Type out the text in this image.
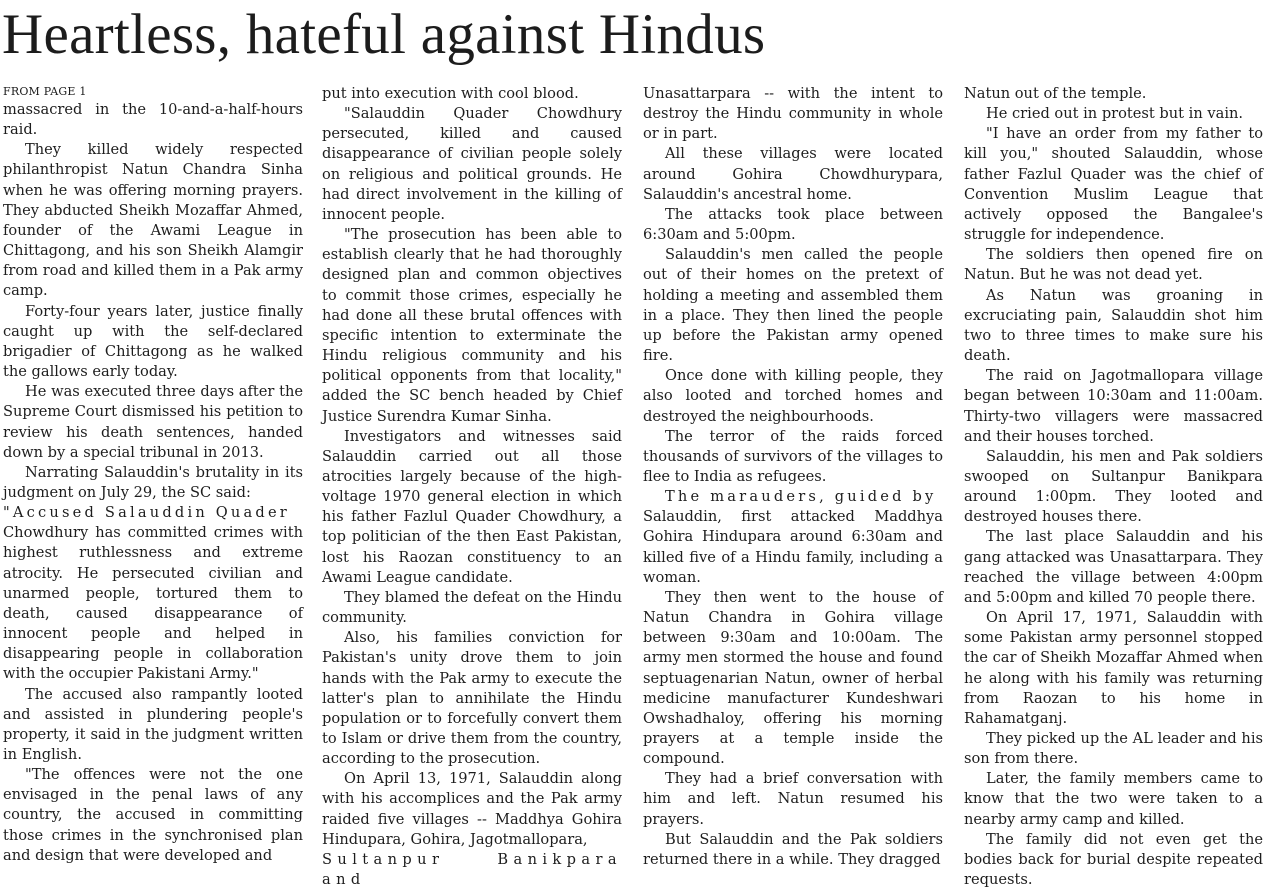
Heartless, hateful against Hindus
FROM PAGE 1

massacred in the 10-and-a-half-hours raid.

They killed widely respected philanthropist Natun Chandra Sinha when he was offering morning prayers. They abducted Sheikh Mozaffar Ahmed, founder of the Awami League in Chittagong, and his son Sheikh Alamgir from road and killed them in a Pak army camp.

Forty-four years later, justice finally caught up with the self-declared brigadier of Chittagong as he walked the gallows early today.

He was executed three days after the Supreme Court dismissed his petition to review his death sentences, handed down by a special tribunal in 2013.

Narrating Salauddin's brutality in its judgment on July 29, the SC said:

"Accused Salauddin Quader

Chowdhury has committed crimes with highest ruthlessness and extreme atrocity. He persecuted civilian and unarmed people, tortured them to death, caused disappearance of innocent people and helped in disappearing people in collaboration with the occupier Pakistani Army."

The accused also rampantly looted and assisted in plundering people's property, it said in the judgment written in English.

"The offences were not the one envisaged in the penal laws of any country, the accused in committing those crimes in the synchronised plan and design that were developed and

put into execution with cool blood.

"Salauddin Quader Chowdhury persecuted, killed and caused disappearance of civilian people solely on religious and political grounds. He had direct involvement in the killing of innocent people.

"The prosecution has been able to establish clearly that he had thoroughly designed plan and common objectives to commit those crimes, especially he had done all these brutal offences with specific intention to exterminate the Hindu religious community and his political opponents from that locality," added the SC bench headed by Chief Justice Surendra Kumar Sinha.

Investigators and witnesses said Salauddin carried out all those atrocities largely because of the high-voltage 1970 general election in which his father Fazlul Quader Chowdhury, a top politician of the then East Pakistan, lost his Raozan constituency to an Awami League candidate.

They blamed the defeat on the Hindu community.

Also, his families conviction for Pakistan's unity drove them to join hands with the Pak army to execute the latter's plan to annihilate the Hindu population or to forcefully convert them to Islam or drive them from the country, according to the prosecution.

On April 13, 1971, Salauddin along with his accomplices and the Pak army raided five villages -- Maddhya Gohira Hindupara, Gohira, Jagotmallopara,

Sultanpur Banikpara and

Unasattarpara -- with the intent to destroy the Hindu community in whole or in part.

All these villages were located around Gohira Chowdhurypara, Salauddin's ancestral home.

The attacks took place between 6:30am and 5:00pm.

Salauddin's men called the people out of their homes on the pretext of holding a meeting and assembled them in a place. They then lined the people up before the Pakistan army opened fire.

Once done with killing people, they also looted and torched homes and destroyed the neighbourhoods.

The terror of the raids forced thousands of survivors of the villages to flee to India as refugees.

The marauders, guided by

Salauddin, first attacked Maddhya Gohira Hindupara around 6:30am and killed five of a Hindu family, including a woman.

They then went to the house of Natun Chandra in Gohira village between 9:30am and 10:00am. The army men stormed the house and found septuagenarian Natun, owner of herbal medicine manufacturer Kundeshwari Owshadhaloy, offering his morning prayers at a temple inside the compound.

They had a brief conversation with him and left. Natun resumed his prayers.

But Salauddin and the Pak soldiers returned there in a while. They dragged

Natun out of the temple.

He cried out in protest but in vain.

"I have an order from my father to kill you," shouted Salauddin, whose father Fazlul Quader was the chief of Convention Muslim League that actively opposed the Bangalee's struggle for independence.

The soldiers then opened fire on Natun. But he was not dead yet.

As Natun was groaning in excruciating pain, Salauddin shot him two to three times to make sure his death.

The raid on Jagotmallopara village began between 10:30am and 11:00am. Thirty-two villagers were massacred and their houses torched.

Salauddin, his men and Pak soldiers swooped on Sultanpur Banikpara around 1:00pm. They looted and destroyed houses there.

The last place Salauddin and his gang attacked was Unasattarpara. They reached the village between 4:00pm and 5:00pm and killed 70 people there.

On April 17, 1971, Salauddin with some Pakistan army personnel stopped the car of Sheikh Mozaffar Ahmed when he along with his family was returning from Raozan to his home in Rahamatganj.

They picked up the AL leader and his son from there.

Later, the family members came to know that the two were taken to a nearby army camp and killed.

The family did not even get the bodies back for burial despite repeated requests.
